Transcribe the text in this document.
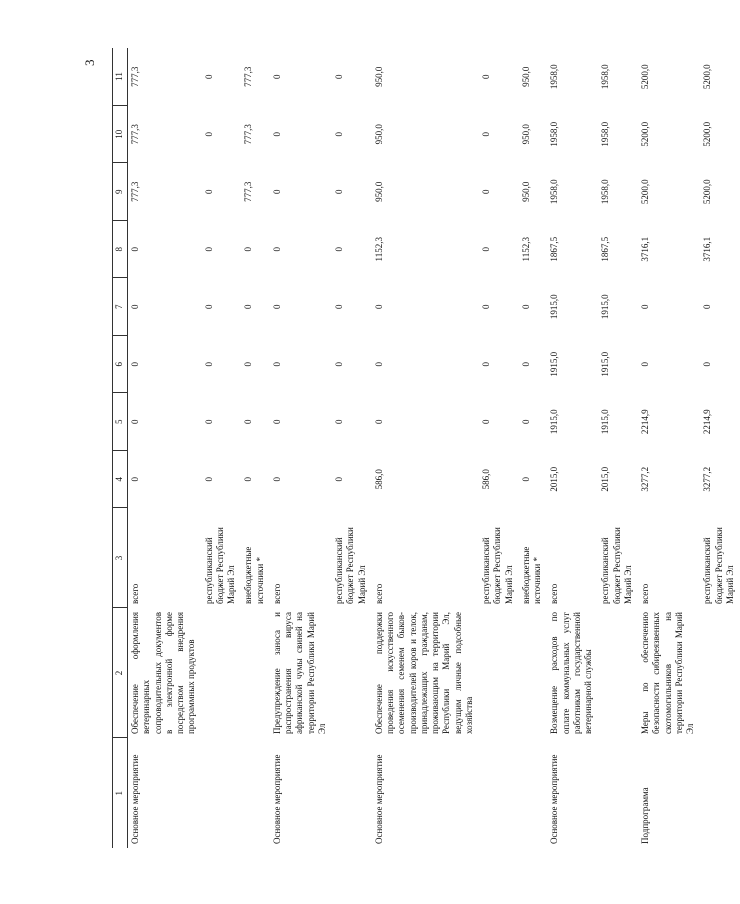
3
1	2	3	4	5	6	7	8	9	10	11
Основное мероприятие	Обеспечение оформления ветеринарных сопроводительных документов в электронной форме посредством внедрения программных продуктов	всего	0	0	0	0	0	777,3	777,3	777,3
		республиканский бюджет Республики Марий Эл	0	0	0	0	0	0	0	0
		внебюджетные источники *	0	0	0	0	0	777,3	777,3	777,3
Основное мероприятие	Предупреждение заноса и распространения вируса африканской чумы свиней на территории Республики Марий Эл	всего	0	0	0	0	0	0	0	0
		республиканский бюджет Республики Марий Эл	0	0	0	0	0	0	0	0
Основное мероприятие	Обеспечение поддержки проведения искусственного осеменения семенем быков-производителей коров и телок, принадлежащих гражданам, проживающим на территории Республики Марий Эл, ведущим личные подсобные хозяйства	всего	586,0	0	0	0	1152,3	950,0	950,0	950,0
		республиканский бюджет Республики Марий Эл	586,0	0	0	0	0	0	0	0
		внебюджетные источники *	0	0	0	0	1152,3	950,0	950,0	950,0
Основное мероприятие	Возмещение расходов по оплате коммунальных услуг работникам государственной ветеринарной службы	всего	2015,0	1915,0	1915,0	1915,0	1867,5	1958,0	1958,0	1958,0
		республиканский бюджет Республики Марий Эл	2015,0	1915,0	1915,0	1915,0	1867,5	1958,0	1958,0	1958,0
Подпрограмма	Меры по обеспечению безопасности сибиреязвенных скотомогильников на территории Республики Марий Эл	всего	3277,2	2214,9	0	0	3716,1	5200,0	5200,0	5200,0
		республиканский бюджет Республики Марий Эл	3277,2	2214,9	0	0	3716,1	5200,0	5200,0	5200,0
